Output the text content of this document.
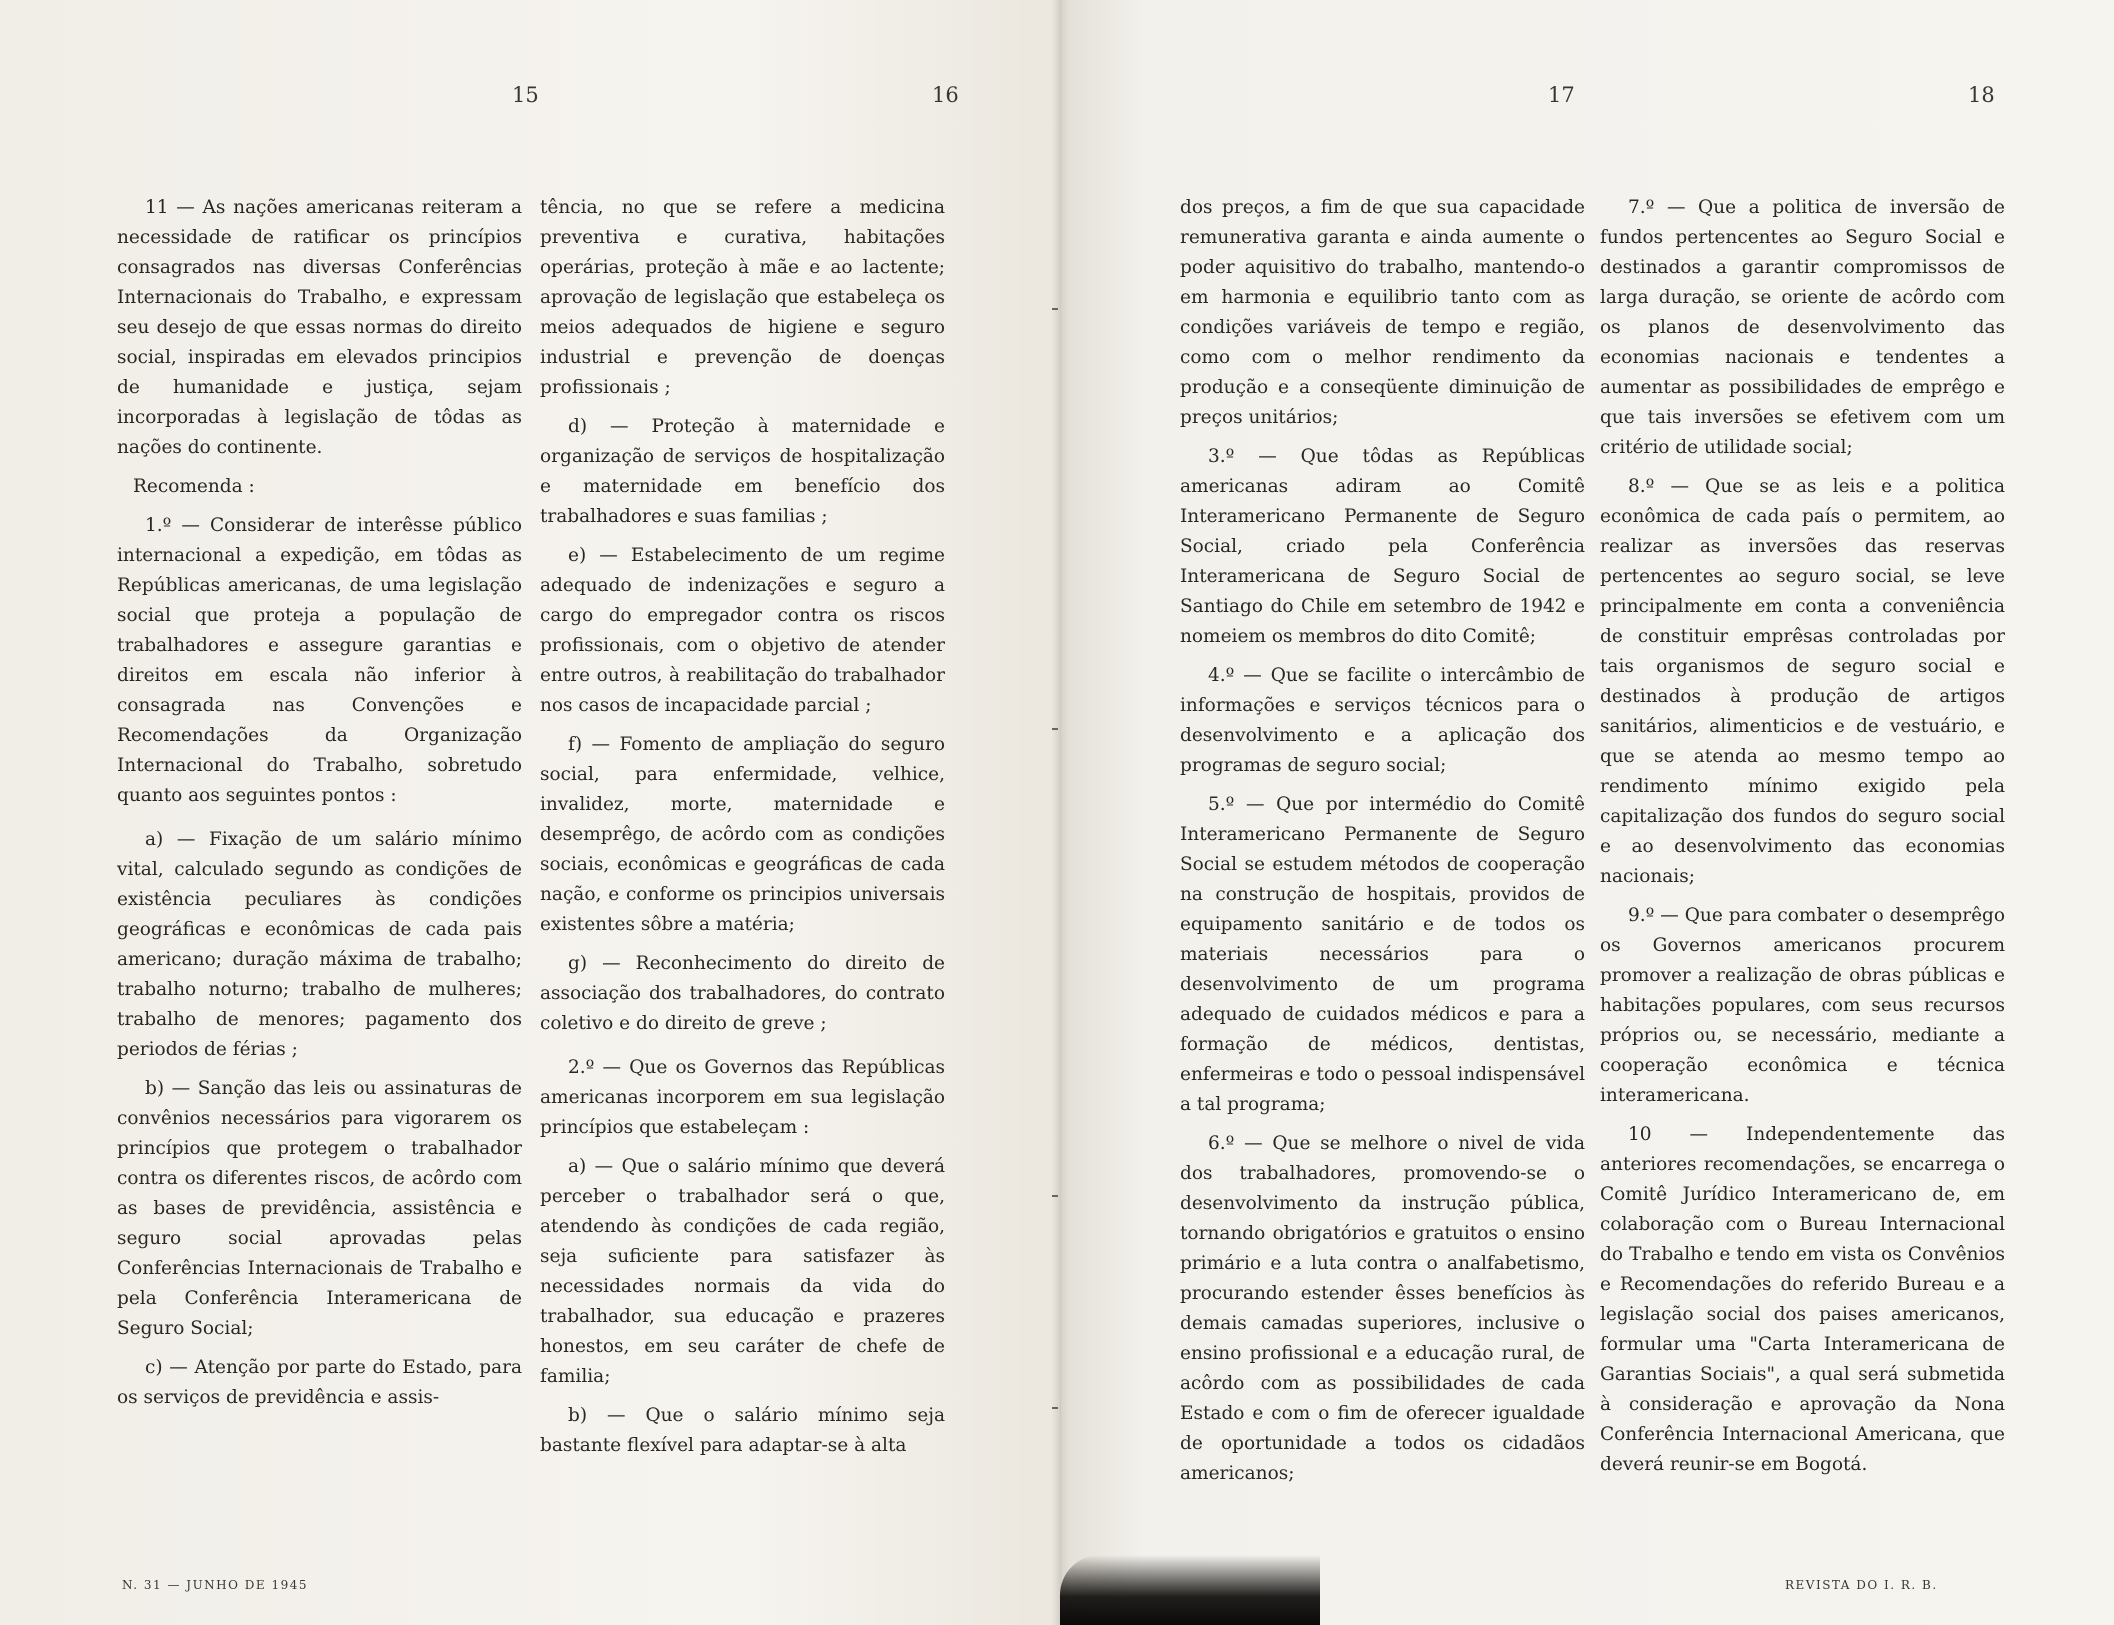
15	16	17	18

11 — As nações americanas reiteram a necessidade de ratificar os princípios consagrados nas diversas Conferências Internacionais do Trabalho, e expressam seu desejo de que essas normas do direito social, inspiradas em elevados principios de humanidade e justiça, sejam incorporadas à legislação de tôdas as nações do continente.

Recomenda :

1.º — Considerar de interêsse público internacional a expedição, em tôdas as Repúblicas americanas, de uma legislação social que proteja a população de trabalhadores e assegure garantias e direitos em escala não inferior à consagrada nas Convenções e Recomendações da Organização Internacional do Trabalho, sobretudo quanto aos seguintes pontos :

a) — Fixação de um salário mínimo vital, calculado segundo as condições de existência peculiares às condições geográficas e econômicas de cada pais americano; duração máxima de trabalho; trabalho noturno; trabalho de mulheres; trabalho de menores; pagamento dos periodos de férias ;

b) — Sanção das leis ou assinaturas de convênios necessários para vigorarem os princípios que protegem o trabalhador contra os diferentes riscos, de acôrdo com as bases de previdência, assistência e seguro social aprovadas pelas Conferências Internacionais de Trabalho e pela Conferência Interamericana de Seguro Social;

c) — Atenção por parte do Estado, para os serviços de previdência e assis-

tência, no que se refere a medicina preventiva e curativa, habitações operárias, proteção à mãe e ao lactente; aprovação de legislação que estabeleça os meios adequados de higiene e seguro industrial e prevenção de doenças profissionais ;

d) — Proteção à maternidade e organização de serviços de hospitalização e maternidade em benefício dos trabalhadores e suas familias ;

e) — Estabelecimento de um regime adequado de indenizações e seguro a cargo do empregador contra os riscos profissionais, com o objetivo de atender entre outros, à reabilitação do trabalhador nos casos de incapacidade parcial ;

f) — Fomento de ampliação do seguro social, para enfermidade, velhice, invalidez, morte, maternidade e desemprêgo, de acôrdo com as condições sociais, econômicas e geográficas de cada nação, e conforme os principios universais existentes sôbre a matéria;

g) — Reconhecimento do direito de associação dos trabalhadores, do contrato coletivo e do direito de greve ;

2.º — Que os Governos das Repúblicas americanas incorporem em sua legislação princípios que estabeleçam :

a) — Que o salário mínimo que deverá perceber o trabalhador será o que, atendendo às condições de cada região, seja suficiente para satisfazer às necessidades normais da vida do trabalhador, sua educação e prazeres honestos, em seu caráter de chefe de familia;

b) — Que o salário mínimo seja bastante flexível para adaptar-se à alta

dos preços, a fim de que sua capacidade remunerativa garanta e ainda aumente o poder aquisitivo do trabalho, mantendo-o em harmonia e equilibrio tanto com as condições variáveis de tempo e região, como com o melhor rendimento da produção e a conseqüente diminuição de preços unitários;

3.º — Que tôdas as Repúblicas americanas adiram ao Comitê Interamericano Permanente de Seguro Social, criado pela Conferência Interamericana de Seguro Social de Santiago do Chile em setembro de 1942 e nomeiem os membros do dito Comitê;

4.º — Que se facilite o intercâmbio de informações e serviços técnicos para o desenvolvimento e a aplicação dos programas de seguro social;

5.º — Que por intermédio do Comitê Interamericano Permanente de Seguro Social se estudem métodos de cooperação na construção de hospitais, providos de equipamento sanitário e de todos os materiais necessários para o desenvolvimento de um programa adequado de cuidados médicos e para a formação de médicos, dentistas, enfermeiras e todo o pessoal indispensável a tal programa;

6.º — Que se melhore o nivel de vida dos trabalhadores, promovendo-se o desenvolvimento da instrução pública, tornando obrigatórios e gratuitos o ensino primário e a luta contra o analfabetismo, procurando estender êsses benefícios às demais camadas superiores, inclusive o ensino profissional e a educação rural, de acôrdo com as possibilidades de cada Estado e com o fim de oferecer igualdade de oportunidade a todos os cidadãos americanos;

7.º — Que a politica de inversão de fundos pertencentes ao Seguro Social e destinados a garantir compromissos de larga duração, se oriente de acôrdo com os planos de desenvolvimento das economias nacionais e tendentes a aumentar as possibilidades de emprêgo e que tais inversões se efetivem com um critério de utilidade social;

8.º — Que se as leis e a politica econômica de cada país o permitem, ao realizar as inversões das reservas pertencentes ao seguro social, se leve principalmente em conta a conveniência de constituir emprêsas controladas por tais organismos de seguro social e destinados à produção de artigos sanitários, alimenticios e de vestuário, e que se atenda ao mesmo tempo ao rendimento mínimo exigido pela capitalização dos fundos do seguro social e ao desenvolvimento das economias nacionais;

9.º — Que para combater o desemprêgo os Governos americanos procurem promover a realização de obras públicas e habitações populares, com seus recursos próprios ou, se necessário, mediante a cooperação econômica e técnica interamericana.

10 — Independentemente das anteriores recomendações, se encarrega o Comitê Jurídico Interamericano de, em colaboração com o Bureau Internacional do Trabalho e tendo em vista os Convênios e Recomendações do referido Bureau e a legislação social dos paises americanos, formular uma "Carta Interamericana de Garantias Sociais", a qual será submetida à consideração e aprovação da Nona Conferência Internacional Americana, que deverá reunir-se em Bogotá.

N. 31 — JUNHO DE 1945	REVISTA DO I. R. B.
